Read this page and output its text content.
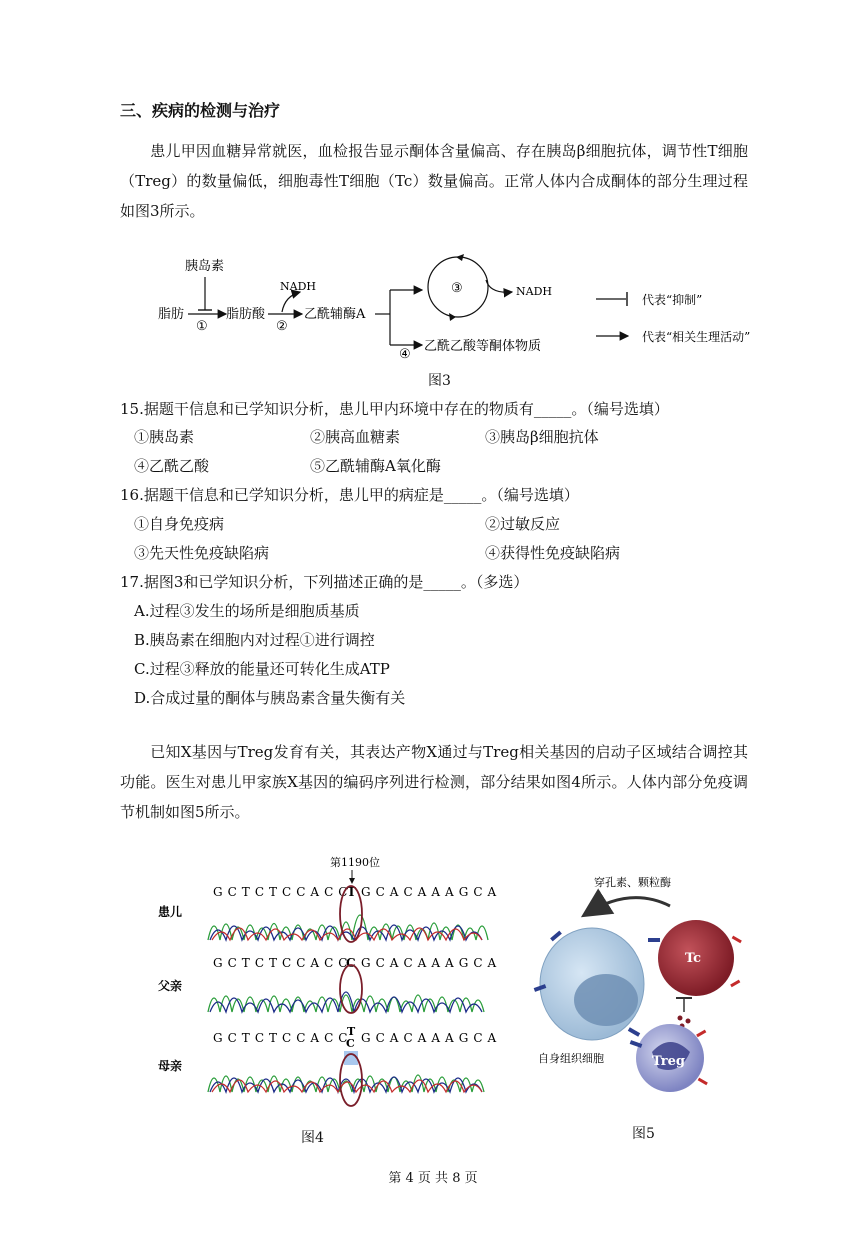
三、疾病的检测与治疗
患儿甲因血糖异常就医，血检报告显示酮体含量偏高、存在胰岛β细胞抗体，调节性T细胞（Treg）的数量偏低，细胞毒性T细胞（Tc）数量偏高。正常人体内合成酮体的部分生理过程如图3所示。
胰岛素
脂肪
①
脂肪酸
②
NADH
乙酰辅酶A
③	NADH
④
乙酰乙酸等酮体物质
代表“抑制”
代表“相关生理活动”
图3
15.据题干信息和已学知识分析，患儿甲内环境中存在的物质有_____。（编号选填）
①胰岛素	②胰高血糖素	③胰岛β细胞抗体
④乙酰乙酸	⑤乙酰辅酶A氧化酶
16.据题干信息和已学知识分析，患儿甲的病症是_____。（编号选填）
①自身免疫病	②过敏反应
③先天性免疫缺陷病	④获得性免疫缺陷病
17.据图3和已学知识分析，下列描述正确的是_____。（多选）
A.过程③发生的场所是细胞质基质
B.胰岛素在细胞内对过程①进行调控
C.过程③释放的能量还可转化生成ATP
D.合成过量的酮体与胰岛素含量失衡有关
已知X基因与Treg发育有关，其表达产物X通过与Treg相关基因的启动子区域结合调控其功能。医生对患儿甲家族X基因的编码序列进行检测，部分结果如图4所示。人体内部分免疫调节机制如图5所示。
第1190位
患儿
G C T C T C C A C C
T G C A C A A A G C A
父亲
G C T C T C C A C C
C G C A C A A A G C A
母亲
G C T C T C C A C C
T
C G C A C A A A G C A
图4
穿孔素、颗粒酶
自身组织细胞
Tc
Treg
图5
第 4 页 共 8 页
